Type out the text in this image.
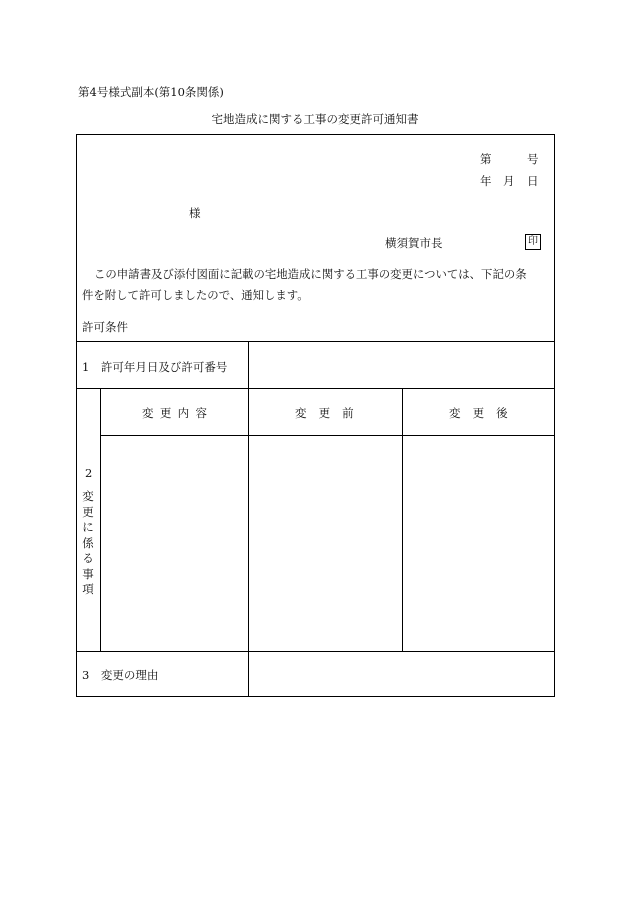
第4号様式副本(第10条関係)
宅地造成に関する工事の変更許可通知書
第	号
年 月 日
様
横須賀市長	印
この申請書及び添付図面に記載の宅地造成に関する工事の変更については、下記の条
件を附して許可しましたので、通知します。
許可条件
1　許可年月日及び許可番号
変更内容	変更前	変更後
2
変更に係る事項
3　変更の理由
